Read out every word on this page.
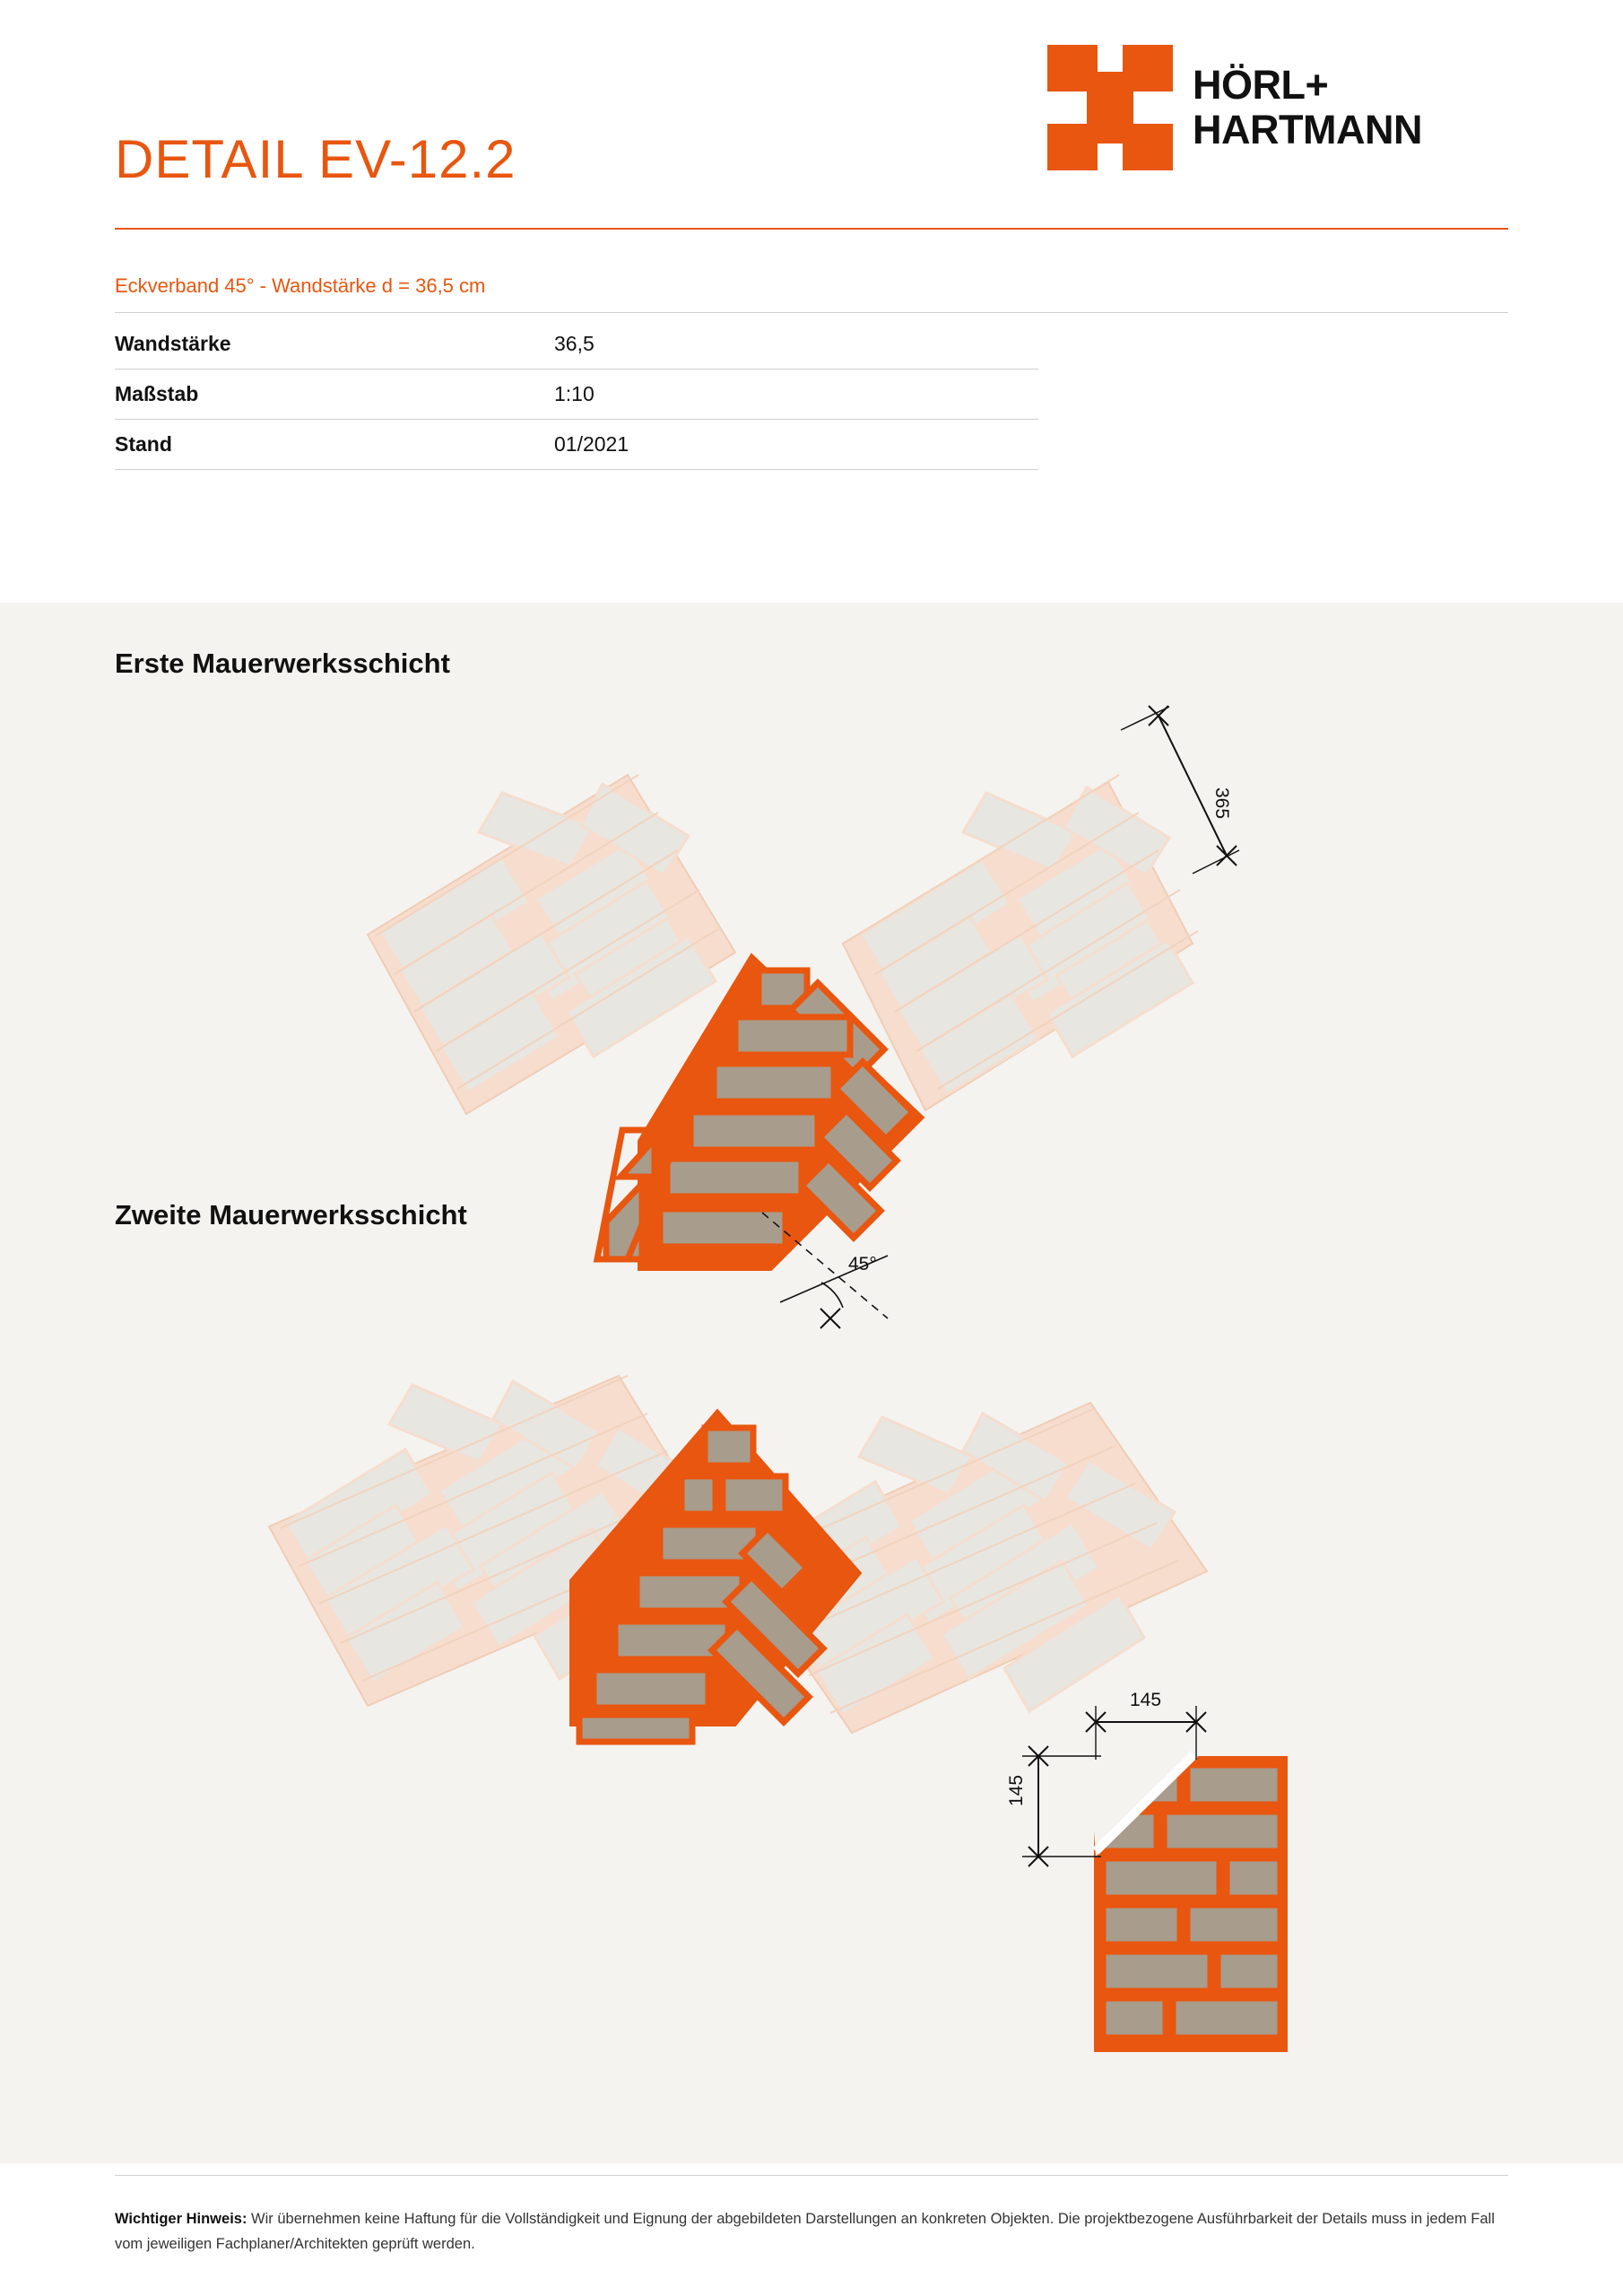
HÖRL+
HARTMANN
DETAIL EV-12.2
Eckverband 45° - Wandstärke d = 36,5 cm
Wandstärke	36,5
Maßstab	1:10
Stand	01/2021
Erste Mauerwerksschicht
Zweite Mauerwerksschicht
365
45°
145
145
Wichtiger Hinweis: Wir übernehmen keine Haftung für die Vollständigkeit und Eignung der abgebildeten Darstellungen an konkreten Objekten. Die projektbezogene Ausführbarkeit der Details muss in jedem Fall vom jeweiligen Fachplaner/Architekten geprüft werden.
